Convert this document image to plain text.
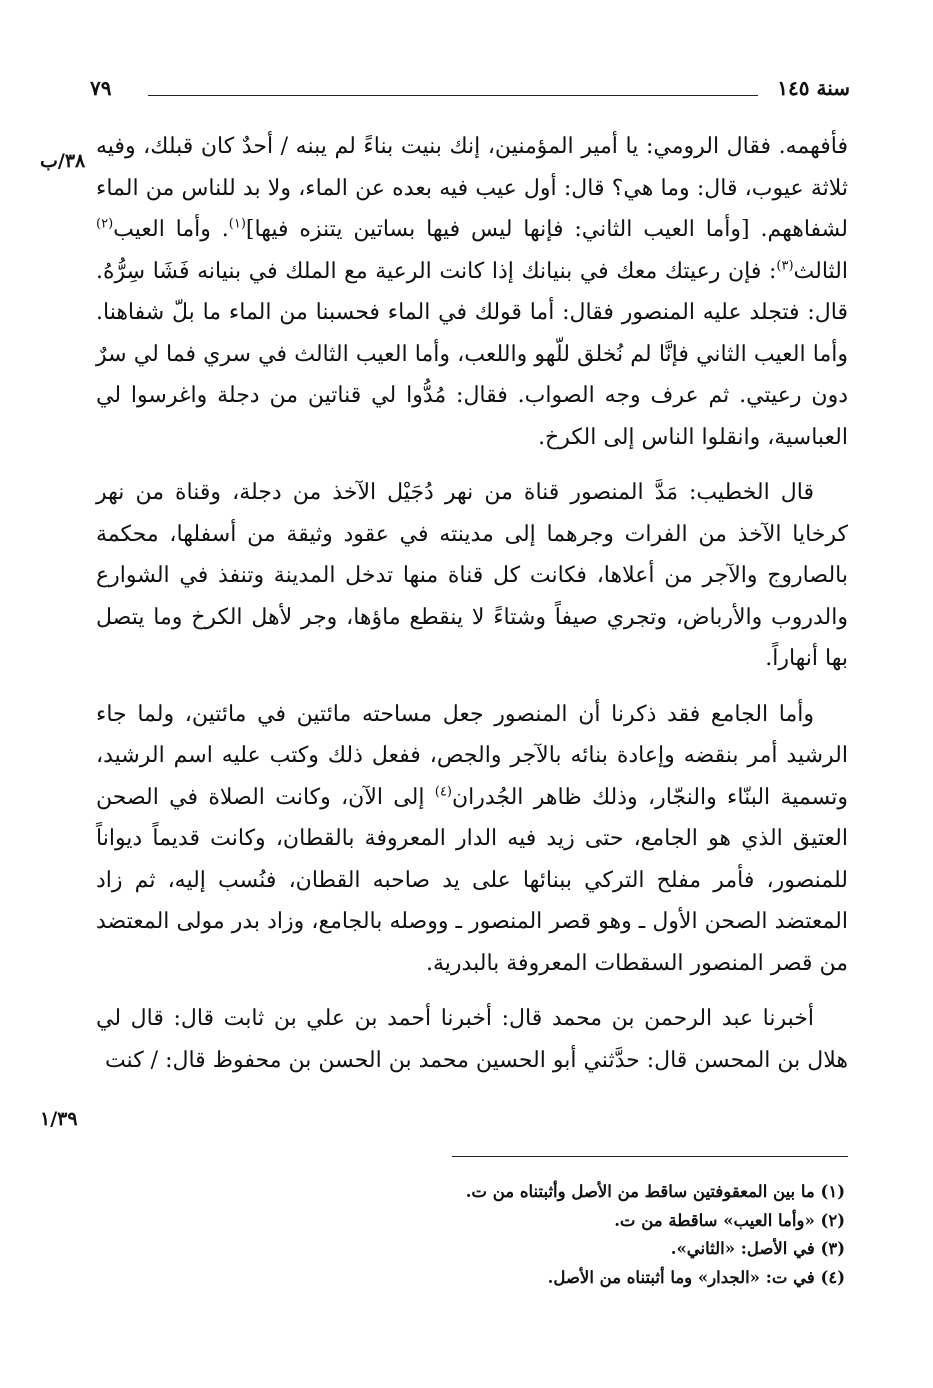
سنة ١٤٥
٧٩
٣٨/ب
١/٣٩

فأفهمه. فقال الرومي: يا أمير المؤمنين، إنك بنيت بناءً لم يبنه / أحدٌ كان قبلك، وفيه ثلاثة عيوب، قال: وما هي؟ قال: أول عيب فيه بعده عن الماء، ولا بد للناس من الماء لشفاههم. [وأما العيب الثاني: فإنها ليس فيها بساتين يتنزه فيها]$^{(١)}$. وأما العيب$^{(٢)}$ الثالث$^{(٣)}$: فإن رعيتك معك في بنيانك إذا كانت الرعية مع الملك في بنيانه فَشَا سِرُّهُ. قال: فتجلد عليه المنصور فقال: أما قولك في الماء فحسبنا من الماء ما بلّ شفاهنا. وأما العيب الثاني فإنَّا لم نُخلق للّهو واللعب، وأما العيب الثالث في سري فما لي سرٌ دون رعيتي. ثم عرف وجه الصواب. فقال: مُدُّوا لي قناتين من دجلة واغرسوا لي العباسية، وانقلوا الناس إلى الكرخ.

قال الخطيب: مَدَّ المنصور قناة من نهر دُجَيْل الآخذ من دجلة، وقناة من نهر كرخايا الآخذ من الفرات وجرهما إلى مدينته في عقود وثيقة من أسفلها، محكمة بالصاروج والآجر من أعلاها، فكانت كل قناة منها تدخل المدينة وتنفذ في الشوارع والدروب والأرباض، وتجري صيفاً وشتاءً لا ينقطع ماؤها، وجر لأهل الكرخ وما يتصل بها أنهاراً.

وأما الجامع فقد ذكرنا أن المنصور جعل مساحته مائتين في مائتين، ولما جاء الرشيد أمر بنقضه وإعادة بنائه بالآجر والجص، ففعل ذلك وكتب عليه اسم الرشيد، وتسمية البنّاء والنجّار، وذلك ظاهر الجُدران$^{(٤)}$ إلى الآن، وكانت الصلاة في الصحن العتيق الذي هو الجامع، حتى زيد فيه الدار المعروفة بالقطان، وكانت قديماً ديواناً للمنصور، فأمر مفلح التركي ببنائها على يد صاحبه القطان، فنُسب إليه، ثم زاد المعتضد الصحن الأول ـ وهو قصر المنصور ـ ووصله بالجامع، وزاد بدر مولى المعتضد من قصر المنصور السقطات المعروفة بالبدرية.

أخبرنا عبد الرحمن بن محمد قال: أخبرنا أحمد بن علي بن ثابت قال: قال لي هلال بن المحسن قال: حدَّثني أبو الحسين محمد بن الحسن بن محفوظ قال: / كنت

(١) ما بين المعقوفتين ساقط من الأصل وأثبتناه من ت.

(٢) «وأما العيب» ساقطة من ت.

(٣) في الأصل: «الثاني».

(٤) في ت: «الجدار» وما أثبتناه من الأصل.
